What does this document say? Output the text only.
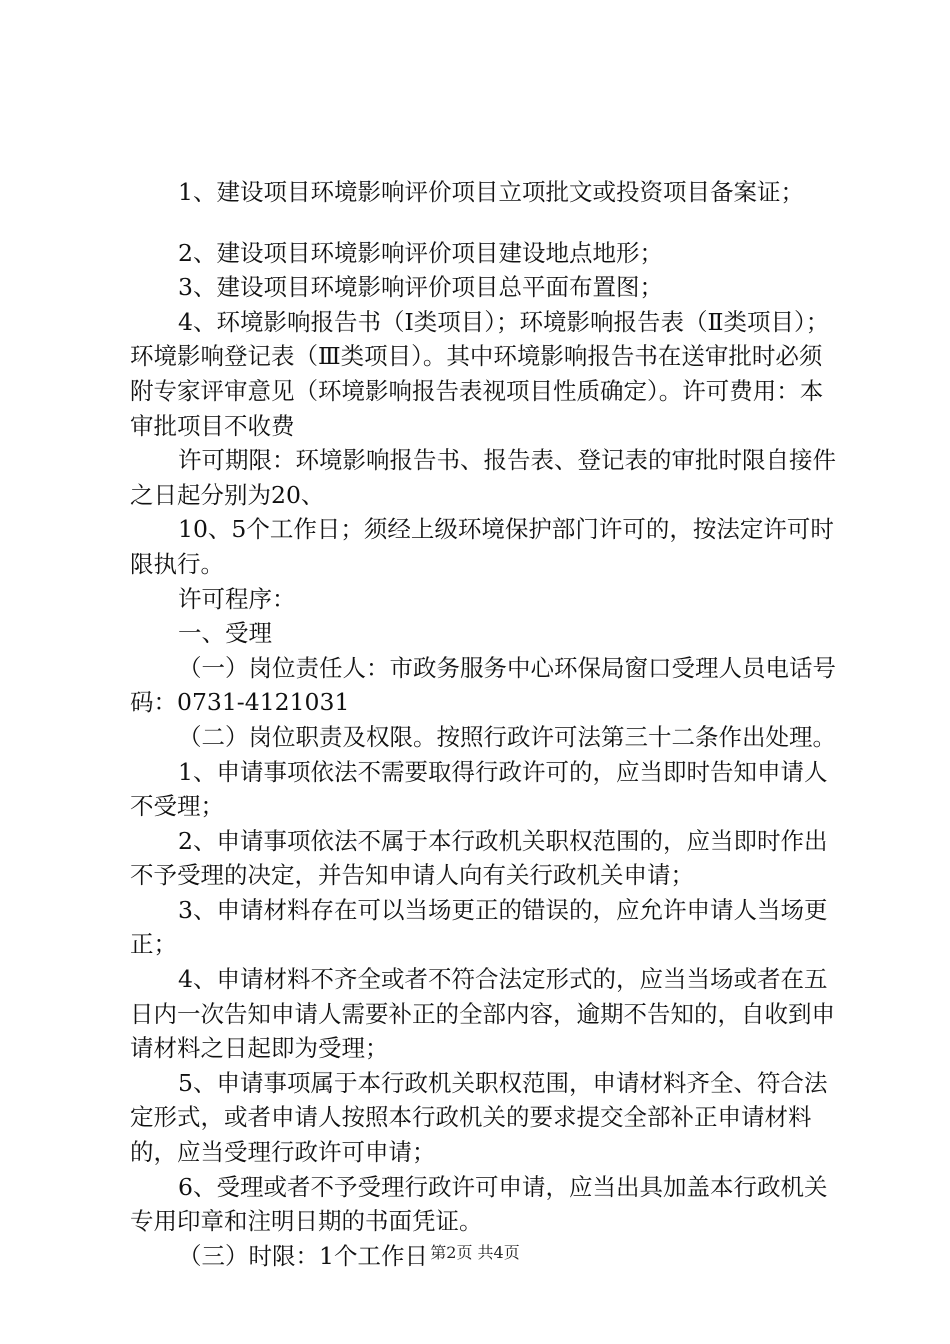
1、建设项目环境影响评价项目立项批文或投资项目备案证；

2、建设项目环境影响评价项目建设地点地形；

3、建设项目环境影响评价项目总平面布置图；

4、环境影响报告书（Ⅰ类项目）；环境影响报告表（Ⅱ类项目）；环境影响登记表（Ⅲ类项目）。其中环境影响报告书在送审批时必须附专家评审意见（环境影响报告表视项目性质确定）。许可费用：本审批项目不收费

许可期限：环境影响报告书、报告表、登记表的审批时限自接件之日起分别为20、

10、5个工作日；须经上级环境保护部门许可的，按法定许可时限执行。

许可程序：

一、受理

（一）岗位责任人：市政务服务中心环保局窗口受理人员电话号码：0731-4121031

（二）岗位职责及权限。按照行政许可法第三十二条作出处理。

1、申请事项依法不需要取得行政许可的，应当即时告知申请人不受理；

2、申请事项依法不属于本行政机关职权范围的，应当即时作出不予受理的决定，并告知申请人向有关行政机关申请；

3、申请材料存在可以当场更正的错误的，应允许申请人当场更正；

4、申请材料不齐全或者不符合法定形式的，应当当场或者在五日内一次告知申请人需要补正的全部内容，逾期不告知的，自收到申请材料之日起即为受理；

5、申请事项属于本行政机关职权范围，申请材料齐全、符合法定形式，或者申请人按照本行政机关的要求提交全部补正申请材料的，应当受理行政许可申请；

6、受理或者不予受理行政许可申请，应当出具加盖本行政机关专用印章和注明日期的书面凭证。

（三）时限：1个工作日 第2页 共4页
